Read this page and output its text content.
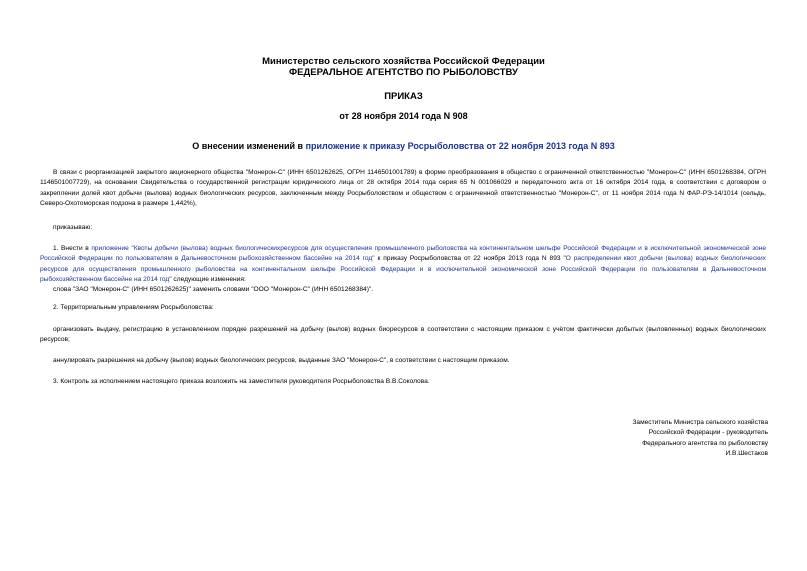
Министерство сельского хозяйства Российской Федерации
ФЕДЕРАЛЬНОЕ АГЕНТСТВО ПО РЫБОЛОВСТВУ
ПРИКАЗ
от 28 ноября 2014 года N 908
О внесении изменений в приложение к приказу Росрыболовства от 22 ноября 2013 года N 893
В связи с реорганизацией закрытого акционерного общества "Монерон-С" (ИНН 6501262625, ОГРН 1146501001789) в форме преобразования в общество с ограниченной ответственностью "Монерон-С" (ИНН 6501268384, ОГРН 1146501007729), на основании Свидетельства о государственной регистрации юридического лица от 28 октября 2014 года серия 65 N 001066029 и передаточного акта от 16 октября 2014 года, в соответствии с договором о закреплении долей квот добычи (вылова) водных биологических ресурсов, заключенным между Росрыболовством и обществом с ограниченной ответственностью "Монерон-С", от 11 ноября 2014 года N ФАР-РЭ-14/1014 (сельдь, Северо-Охотоморская подзона в размере 1,442%),
приказываю:
1. Внести в приложение "Квоты добычи (вылова) водных биологическихресурсов для осуществления промышленного рыболовства на континентальном шельфе Российской Федерации и в исключительной экономической зоне Российской Федерации по пользователям в Дальневосточном рыбохозяйственном бассейне на 2014 год" к приказу Росрыболовства от 22 ноября 2013 года N 893 "О распределении квот добычи (вылова) водных биологических ресурсов для осуществления промышленного рыболовства на континентальном шельфе Российской Федерации и в исключительной экономической зоне Российской Федерации по пользователям в Дальневосточном рыбохозяйственном бассейне на 2014 год" следующие изменения:
слова "ЗАО "Монерон-С" (ИНН 6501262625)" заменить словами "ООО "Монерон-С" (ИНН 6501268384)".
2. Территориальным управлениям Росрыболовства:
организовать выдачу, регистрацию в установленном порядке разрешений на добычу (вылов) водных биоресурсов в соответствии с настоящим приказом с учётом фактически добытых (выловленных) водных биологических ресурсов;
аннулировать разрешения на добычу (вылов) водных биологических ресурсов, выданные ЗАО "Монерон-С", в соответствии с настоящим приказом.
3. Контроль за исполнением настоящего приказа возложить на заместителя руководителя Росрыболовства В.В.Соколова.
Заместитель Министра сельского хозяйства
Российской Федерации - руководитель
Федерального агентства по рыболовству
И.В.Шестаков
